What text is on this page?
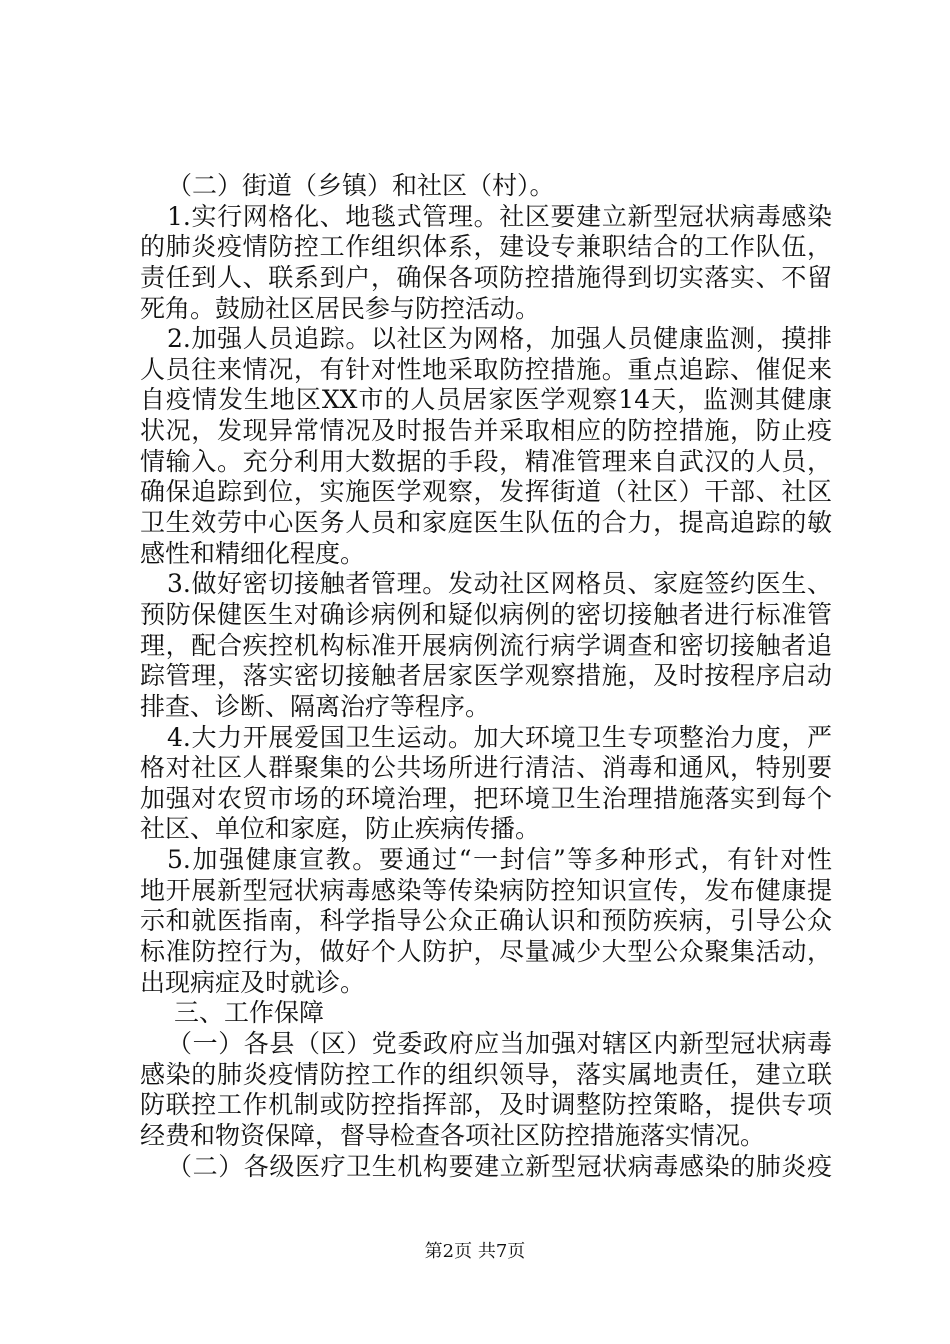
（二）街道（乡镇）和社区（村）。
1.实行网格化、地毯式管理。社区要建立新型冠状病毒感染
的肺炎疫情防控工作组织体系，建设专兼职结合的工作队伍，
责任到人、联系到户，确保各项防控措施得到切实落实、不留
死角。鼓励社区居民参与防控活动。
2.加强人员追踪。以社区为网格，加强人员健康监测，摸排
人员往来情况，有针对性地采取防控措施。重点追踪、催促来
自疫情发生地区XX市的人员居家医学观察14天，监测其健康
状况，发现异常情况及时报告并采取相应的防控措施，防止疫
情输入。充分利用大数据的手段，精准管理来自武汉的人员，
确保追踪到位，实施医学观察，发挥街道（社区）干部、社区
卫生效劳中心医务人员和家庭医生队伍的合力，提高追踪的敏
感性和精细化程度。
3.做好密切接触者管理。发动社区网格员、家庭签约医生、
预防保健医生对确诊病例和疑似病例的密切接触者进行标准管
理，配合疾控机构标准开展病例流行病学调查和密切接触者追
踪管理，落实密切接触者居家医学观察措施，及时按程序启动
排查、诊断、隔离治疗等程序。
4.大力开展爱国卫生运动。加大环境卫生专项整治力度，严
格对社区人群聚集的公共场所进行清洁、消毒和通风，特别要
加强对农贸市场的环境治理，把环境卫生治理措施落实到每个
社区、单位和家庭，防止疾病传播。
5.加强健康宣教。要通过“一封信”等多种形式，有针对性
地开展新型冠状病毒感染等传染病防控知识宣传，发布健康提
示和就医指南，科学指导公众正确认识和预防疾病，引导公众
标准防控行为，做好个人防护，尽量减少大型公众聚集活动，
出现病症及时就诊。
三、工作保障
（一）各县（区）党委政府应当加强对辖区内新型冠状病毒
感染的肺炎疫情防控工作的组织领导，落实属地责任，建立联
防联控工作机制或防控指挥部，及时调整防控策略，提供专项
经费和物资保障，督导检查各项社区防控措施落实情况。
（二）各级医疗卫生机构要建立新型冠状病毒感染的肺炎疫
第2页 共7页
